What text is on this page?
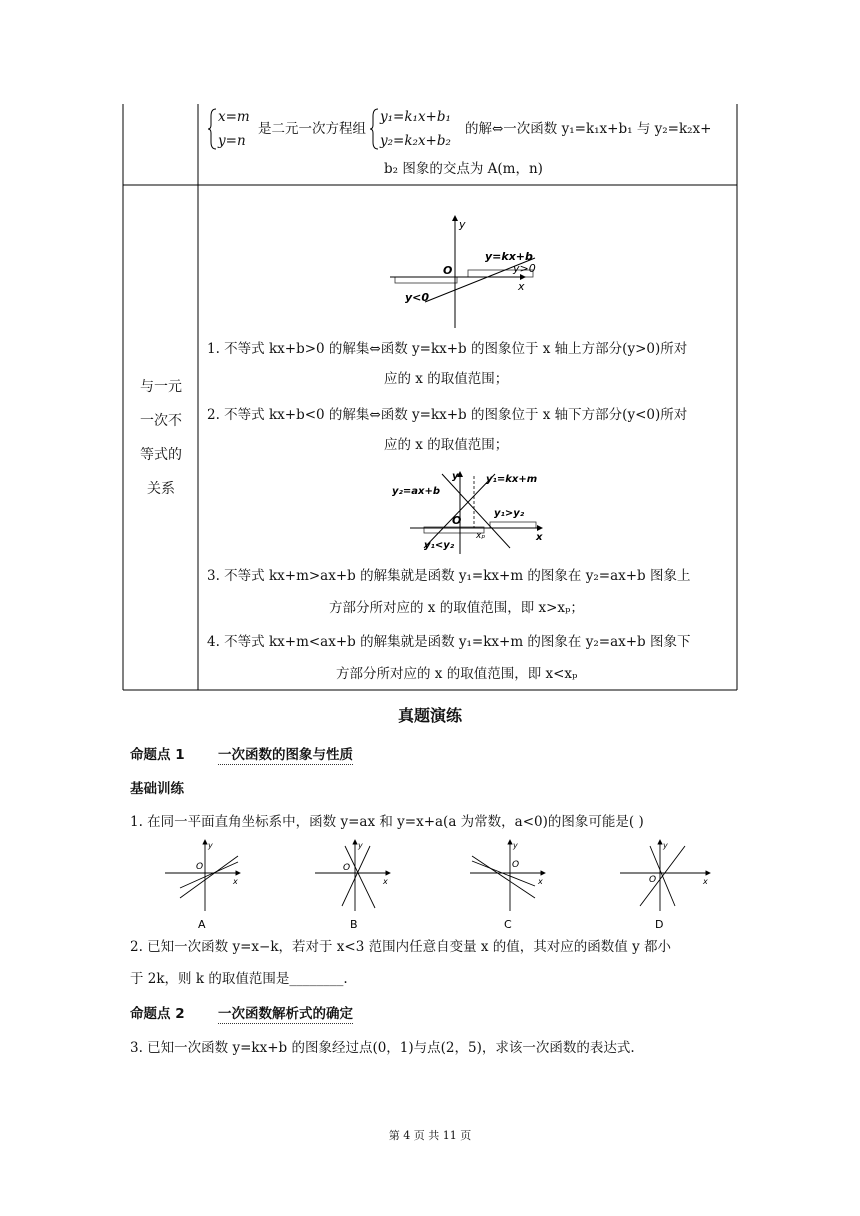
x=m
y=n
是二元一次方程组
y₁=k₁x+b₁
y₂=k₂x+b₂
的解⇔一次函数 y₁=k₁x+b₁ 与 y₂=k₂x+
b₂ 图象的交点为 A(m，n)
与一元
一次不
等式的
关系
y
x
O
y=kx+b
y>0
y<0
1. 不等式 kx+b>0 的解集⇔函数 y=kx+b 的图象位于 x 轴上方部分(y>0)所对
应的 x 的取值范围；
2. 不等式 kx+b<0 的解集⇔函数 y=kx+b 的图象位于 x 轴下方部分(y<0)所对
应的 x 的取值范围；
y
x
O
y₁=kx+m
y₂=ax+b
y₁>y₂
y₁<y₂
xₚ
3. 不等式 kx+m>ax+b 的解集就是函数 y₁=kx+m 的图象在 y₂=ax+b 图象上
方部分所对应的 x 的取值范围，即 x>xₚ；
4. 不等式 kx+m<ax+b 的解集就是函数 y₁=kx+m 的图象在 y₂=ax+b 图象下
方部分所对应的 x 的取值范围，即 x<xₚ
真题演练
命题点 1 一次函数的图象与性质
基础训练
1. 在同一平面直角坐标系中，函数 y=ax 和 y=x+a(a 为常数，a<0)的图象可能是( )
y
x
O
A
y
x
O
B
y
x
O
C
y
x
O
D
2. 已知一次函数 y=x−k，若对于 x<3 范围内任意自变量 x 的值，其对应的函数值 y 都小
于 2k，则 k 的取值范围是________.
命题点 2 一次函数解析式的确定
3. 已知一次函数 y=kx+b 的图象经过点(0，1)与点(2，5)，求该一次函数的表达式.
第 4 页 共 11 页
